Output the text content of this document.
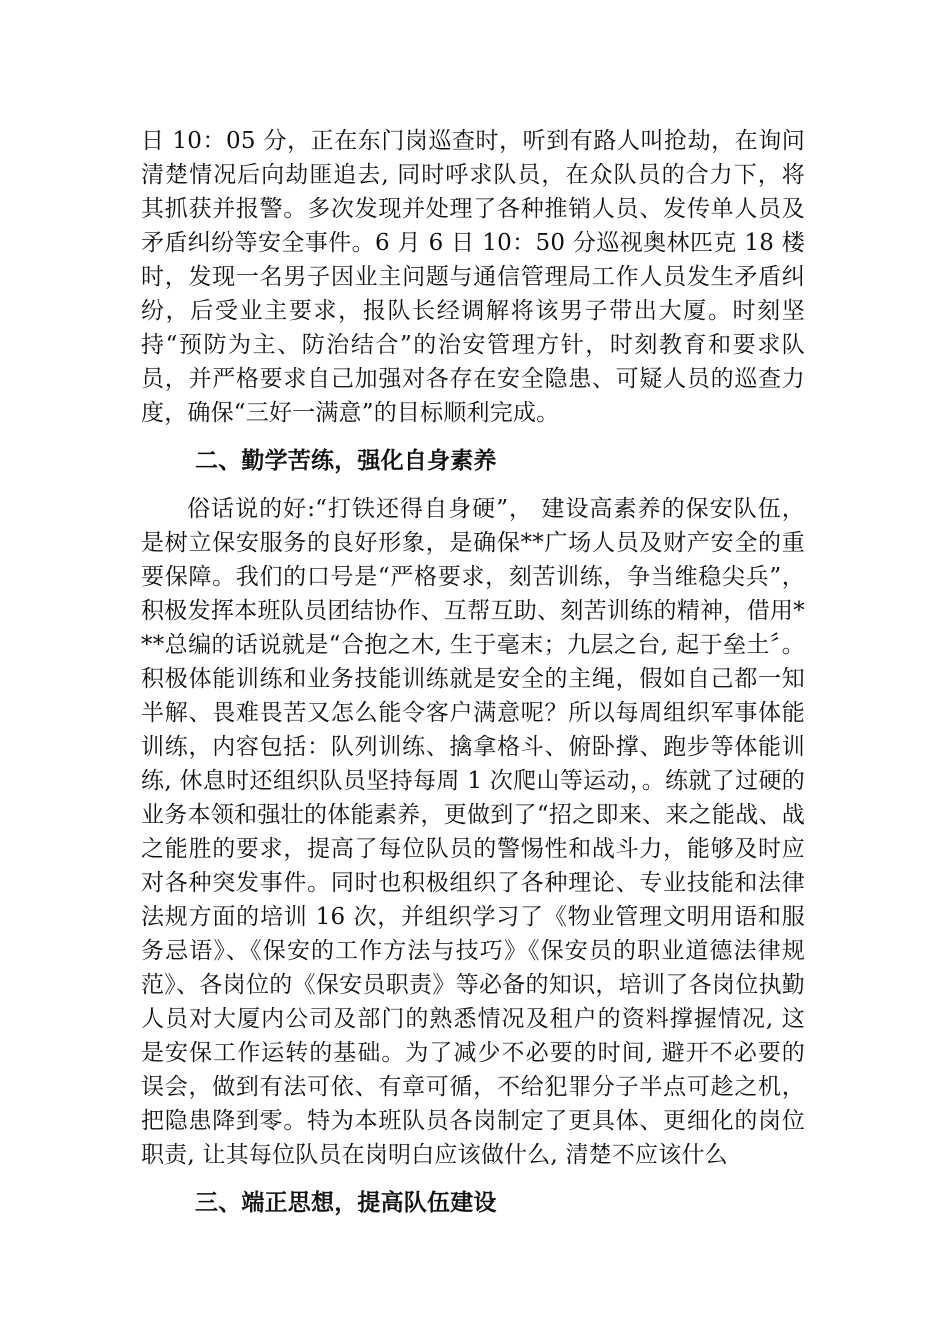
日 10：05 分，正在东门岗巡查时，听到有路人叫抢劫，在询问清楚情况后向劫匪追去, 同时呼求队员，在众队员的合力下，将其抓获并报警。多次发现并处理了各种推销人员、发传单人员及矛盾纠纷等安全事件。6 月 6 日 10：50 分巡视奥林匹克 18 楼时，发现一名男子因业主问题与通信管理局工作人员发生矛盾纠纷，后受业主要求，报队长经调解将该男子带出大厦。时刻坚持“预防为主、防治结合”的治安管理方针，时刻教育和要求队员，并严格要求自己加强对各存在安全隐患、可疑人员的巡查力度，确保“三好一满意”的目标顺利完成。

二、勤学苦练，强化自身素养

俗话说的好:“打铁还得自身硬”， 建设高素养的保安队伍，是树立保安服务的良好形象，是确保**广场人员及财产安全的重要保障。我们的口号是“严格要求，刻苦训练，争当维稳尖兵”，积极发挥本班队员团结协作、互帮互助、刻苦训练的精神，借用***总编的话说就是“合抱之木, 生于毫末；九层之台, 起于垒土〞。积极体能训练和业务技能训练就是安全的主绳，假如自己都一知半解、畏难畏苦又怎么能令客户满意呢？所以每周组织军事体能训练，内容包括：队列训练、擒拿格斗、俯卧撑、跑步等体能训练, 休息时还组织队员坚持每周 1 次爬山等运动，。练就了过硬的业务本领和强壮的体能素养，更做到了“招之即来、来之能战、战之能胜的要求，提高了每位队员的警惕性和战斗力，能够及时应对各种突发事件。同时也积极组织了各种理论、专业技能和法律法规方面的培训 16 次，并组织学习了《物业管理文明用语和服务忌语》、《保安的工作方法与技巧》《保安员的职业道德法律规范》、各岗位的《保安员职责》等必备的知识，培训了各岗位执勤人员对大厦内公司及部门的熟悉情况及租户的资料撑握情况, 这是安保工作运转的基础。为了减少不必要的时间, 避开不必要的误会，做到有法可依、有章可循，不给犯罪分子半点可趁之机，把隐患降到零。特为本班队员各岗制定了更具体、更细化的岗位职责, 让其每位队员在岗明白应该做什么, 清楚不应该什么

三、端正思想，提高队伍建设
